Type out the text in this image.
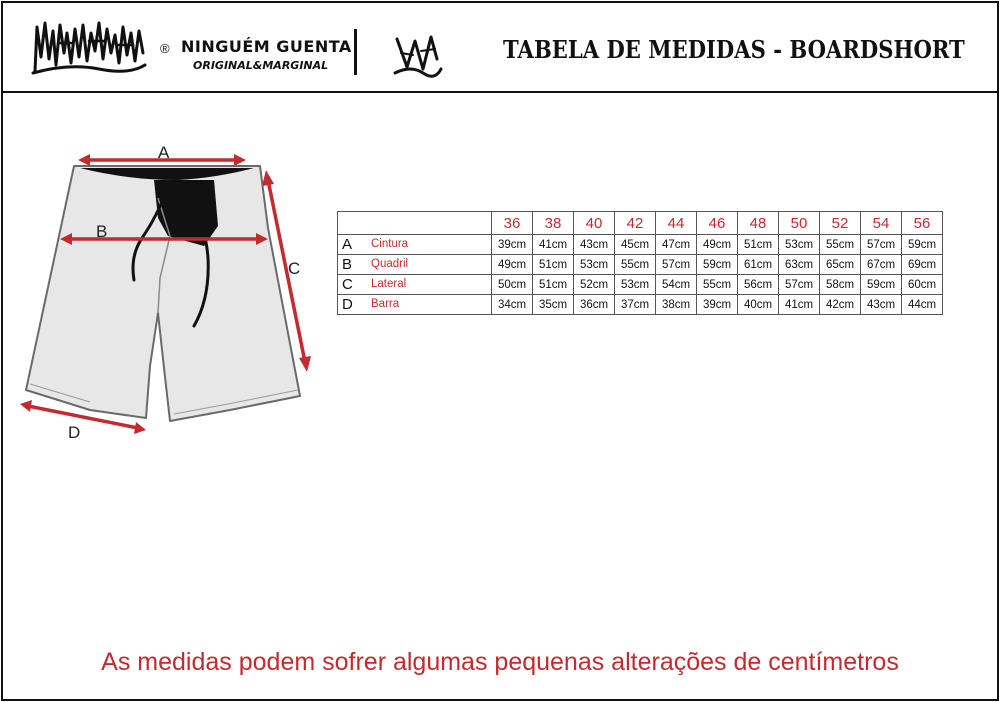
® NINGUÉM GUENTA
ORIGINAL&MARGINAL
TABELA DE MEDIDAS - BOARDSHORT
A
B
C
D
	36	38	40	42	44	46	48	50	52	54	56

A Cintura	39cm	41cm	43cm	45cm	47cm	49cm	51cm	53cm	55cm	57cm	59cm

B Quadril	49cm	51cm	53cm	55cm	57cm	59cm	61cm	63cm	65cm	67cm	69cm

C Lateral	50cm	51cm	52cm	53cm	54cm	55cm	56cm	57cm	58cm	59cm	60cm

D Barra	34cm	35cm	36cm	37cm	38cm	39cm	40cm	41cm	42cm	43cm	44cm
As medidas podem sofrer algumas pequenas alterações de centímetros
